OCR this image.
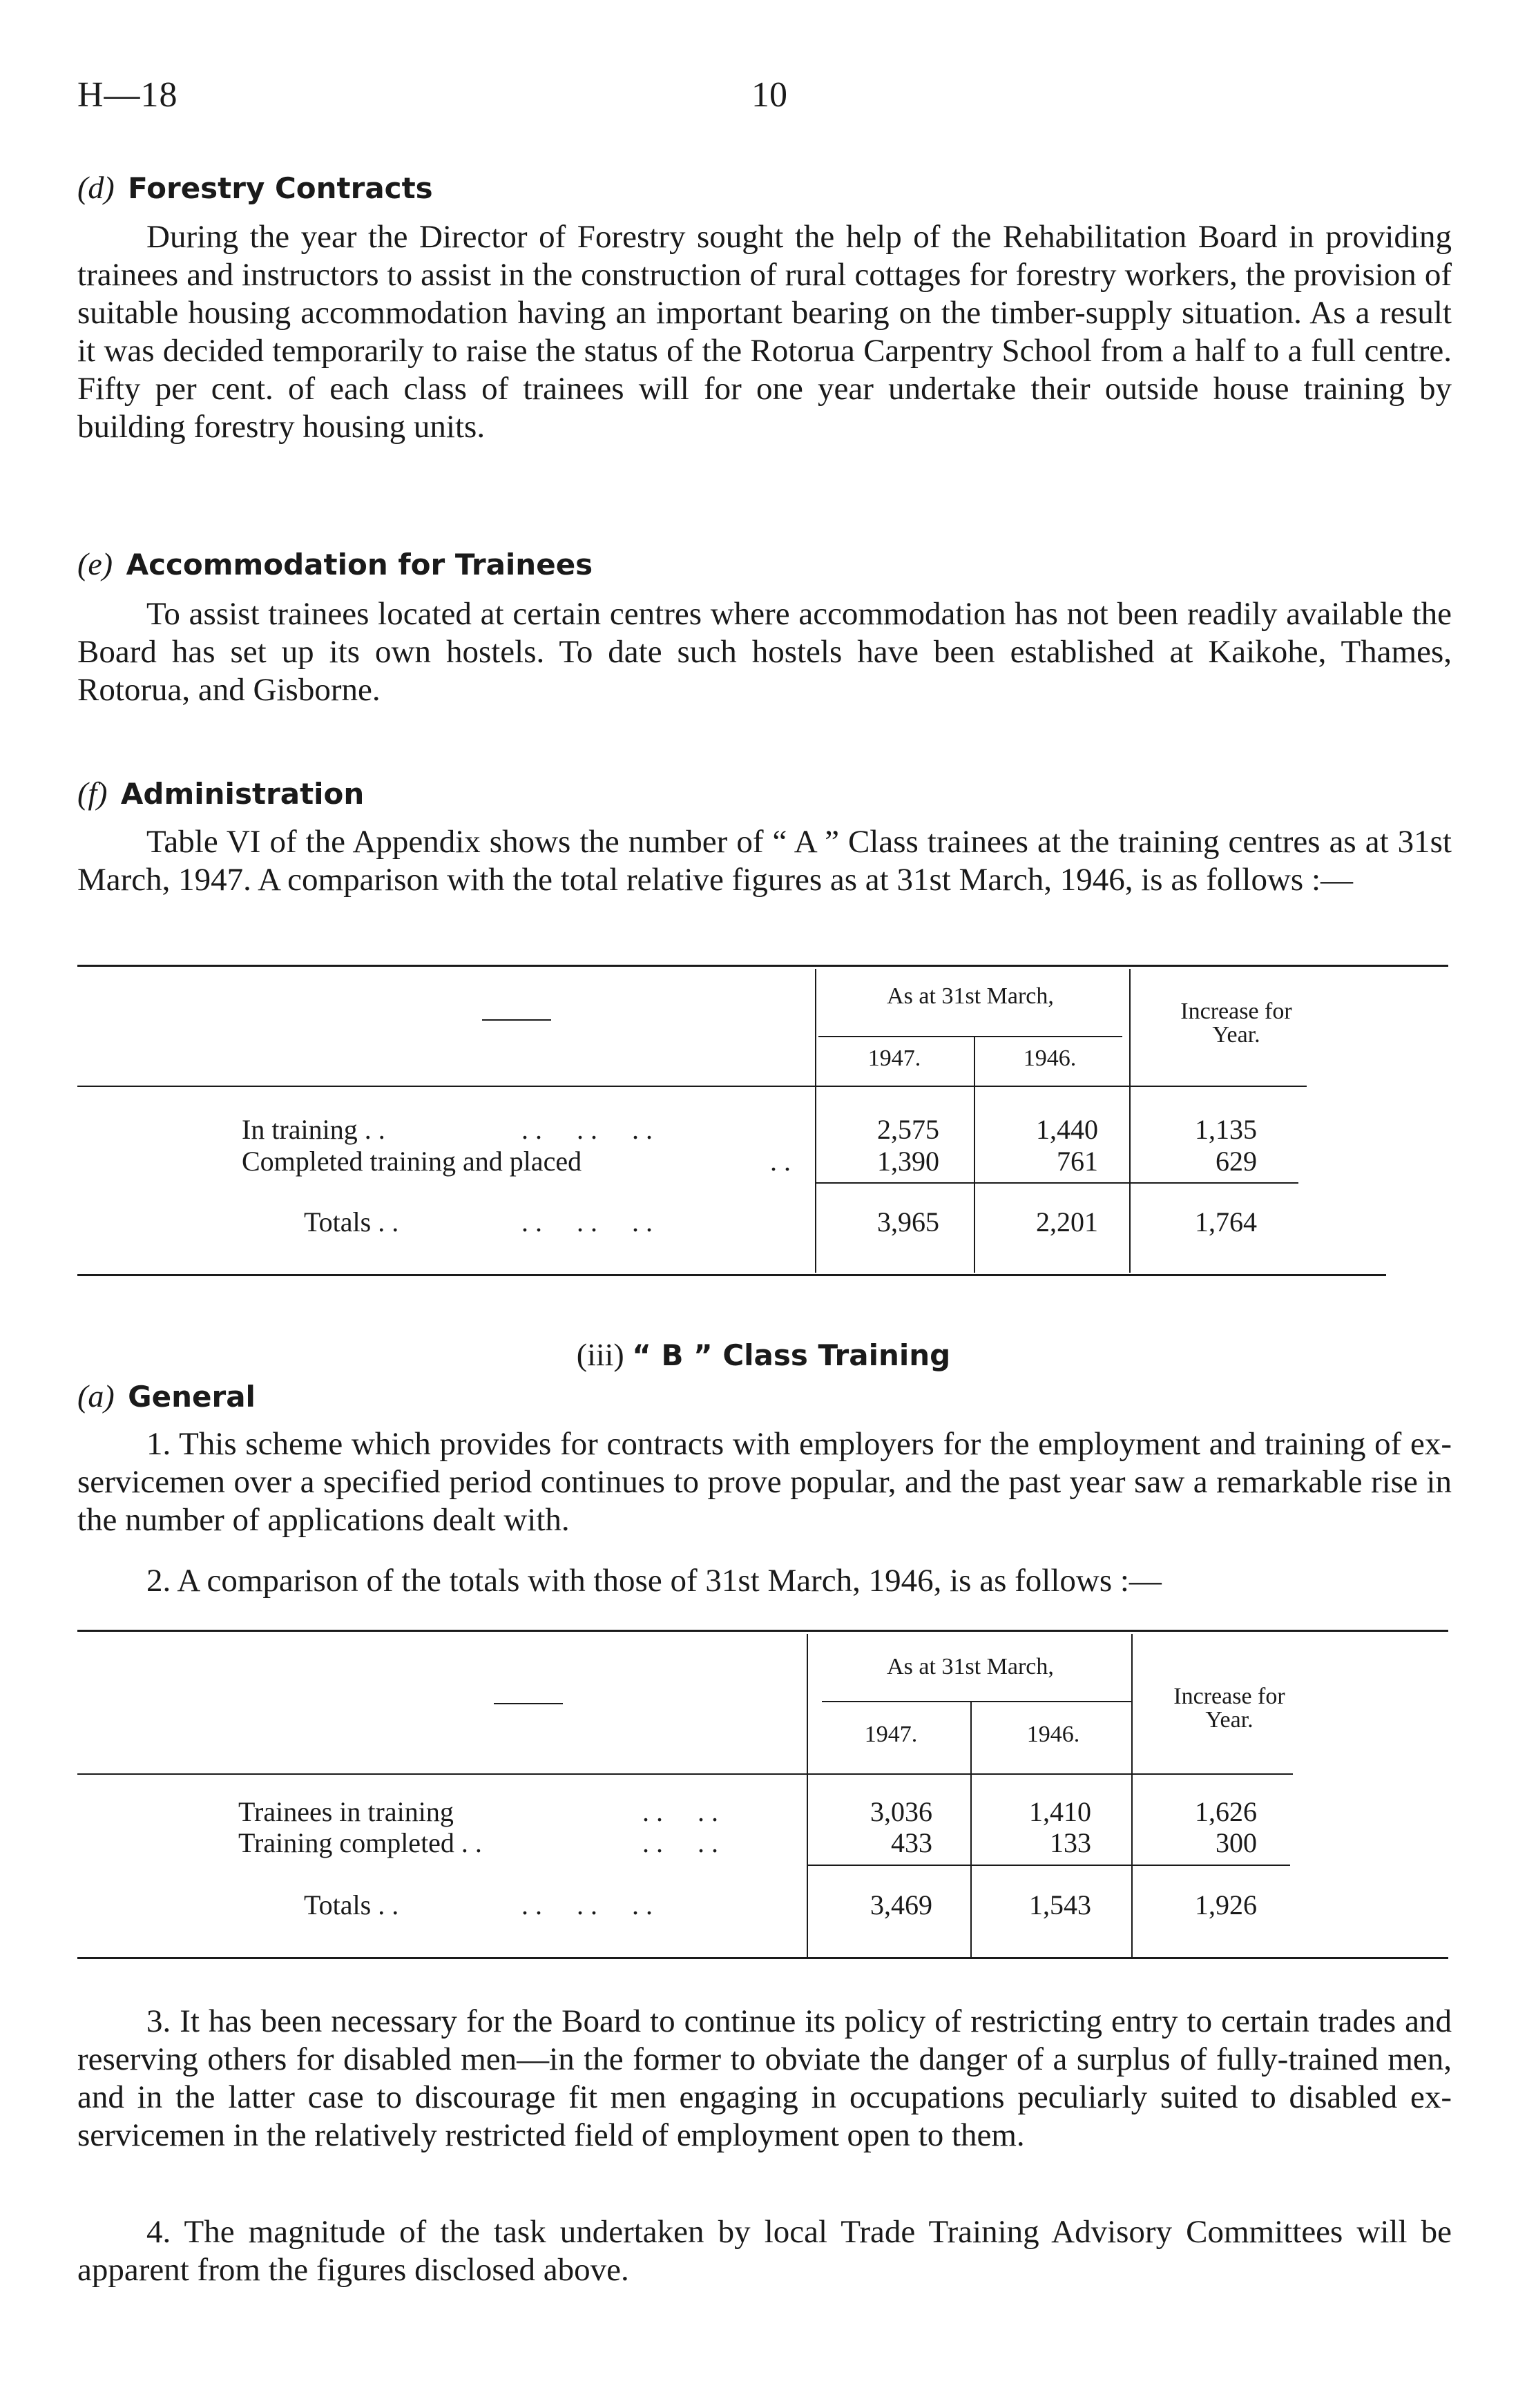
H—18	10
(d) Forestry Contracts
During the year the Director of Forestry sought the help of the Rehabilitation Board in providing trainees and instructors to assist in the construction of rural cottages for forestry workers, the provision of suitable housing accommodation having an important bearing on the timber-supply situation. As a result it was decided temporarily to raise the status of the Rotorua Carpentry School from a half to a full centre. Fifty per cent. of each class of trainees will for one year undertake their outside house training by building forestry housing units.
(e) Accommodation for Trainees
To assist trainees located at certain centres where accommodation has not been readily available the Board has set up its own hostels. To date such hostels have been established at Kaikohe, Thames, Rotorua, and Gisborne.
(f) Administration
Table VI of the Appendix shows the number of “ A ” Class trainees at the training centres as at 31st March, 1947. A comparison with the total relative figures as at 31st March, 1946, is as follows :—
As at 31st March,
1947.	1946.
Increase for
Year.
In training . .	. .     . .     . .	2,575	1,440	1,135
Completed training and placed	. .	1,390	761	629
Totals . .	. .     . .     . .	3,965	2,201	1,764
(iii) “ B ” Class Training
(a) General
1. This scheme which provides for contracts with employers for the employment and training of ex-servicemen over a specified period continues to prove popular, and the past year saw a remarkable rise in the number of applications dealt with.
2. A comparison of the totals with those of 31st March, 1946, is as follows :—
As at 31st March,
1947.	1946.
Increase for
Year.
Trainees in training	. .     . .	3,036	1,410	1,626
Training completed . .	. .     . .	433	133	300
Totals . .	. .     . .     . .	3,469	1,543	1,926
3. It has been necessary for the Board to continue its policy of restricting entry to certain trades and reserving others for disabled men—in the former to obviate the danger of a surplus of fully-trained men, and in the latter case to discourage fit men engaging in occupations peculiarly suited to disabled ex-servicemen in the relatively restricted field of employment open to them.
4. The magnitude of the task undertaken by local Trade Training Advisory Committees will be apparent from the figures disclosed above.
